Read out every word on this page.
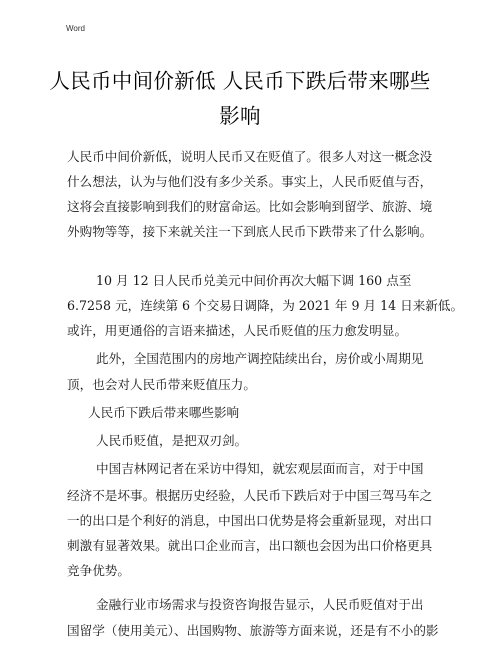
Word
人民币中间价新低 人民币下跌后带来哪些
影响
人民币中间价新低，说明人民币又在贬值了。很多人对这一概念没
什么想法，认为与他们没有多少关系。事实上，人民币贬值与否，
这将会直接影响到我们的财富命运。比如会影响到留学、旅游、境
外购物等等，接下来就关注一下到底人民币下跌带来了什么影响。
10 月 12 日人民币兑美元中间价再次大幅下调 160 点至
6.7258 元，连续第 6 个交易日调降，为 2021 年 9 月 14 日来新低。
或许，用更通俗的言语来描述，人民币贬值的压力愈发明显。
此外，全国范围内的房地产调控陆续出台，房价或小周期见
顶，也会对人民币带来贬值压力。
人民币下跌后带来哪些影响
人民币贬值，是把双刃剑。
中国吉林网记者在采访中得知，就宏观层面而言，对于中国
经济不是坏事。根据历史经验，人民币下跌后对于中国三驾马车之
一的出口是个利好的消息，中国出口优势是将会重新显现，对出口
刺激有显著效果。就出口企业而言，出口额也会因为出口价格更具
竞争优势。
金融行业市场需求与投资咨询报告显示，人民币贬值对于出
国留学（使用美元）、出国购物、旅游等方面来说，还是有不小的影
